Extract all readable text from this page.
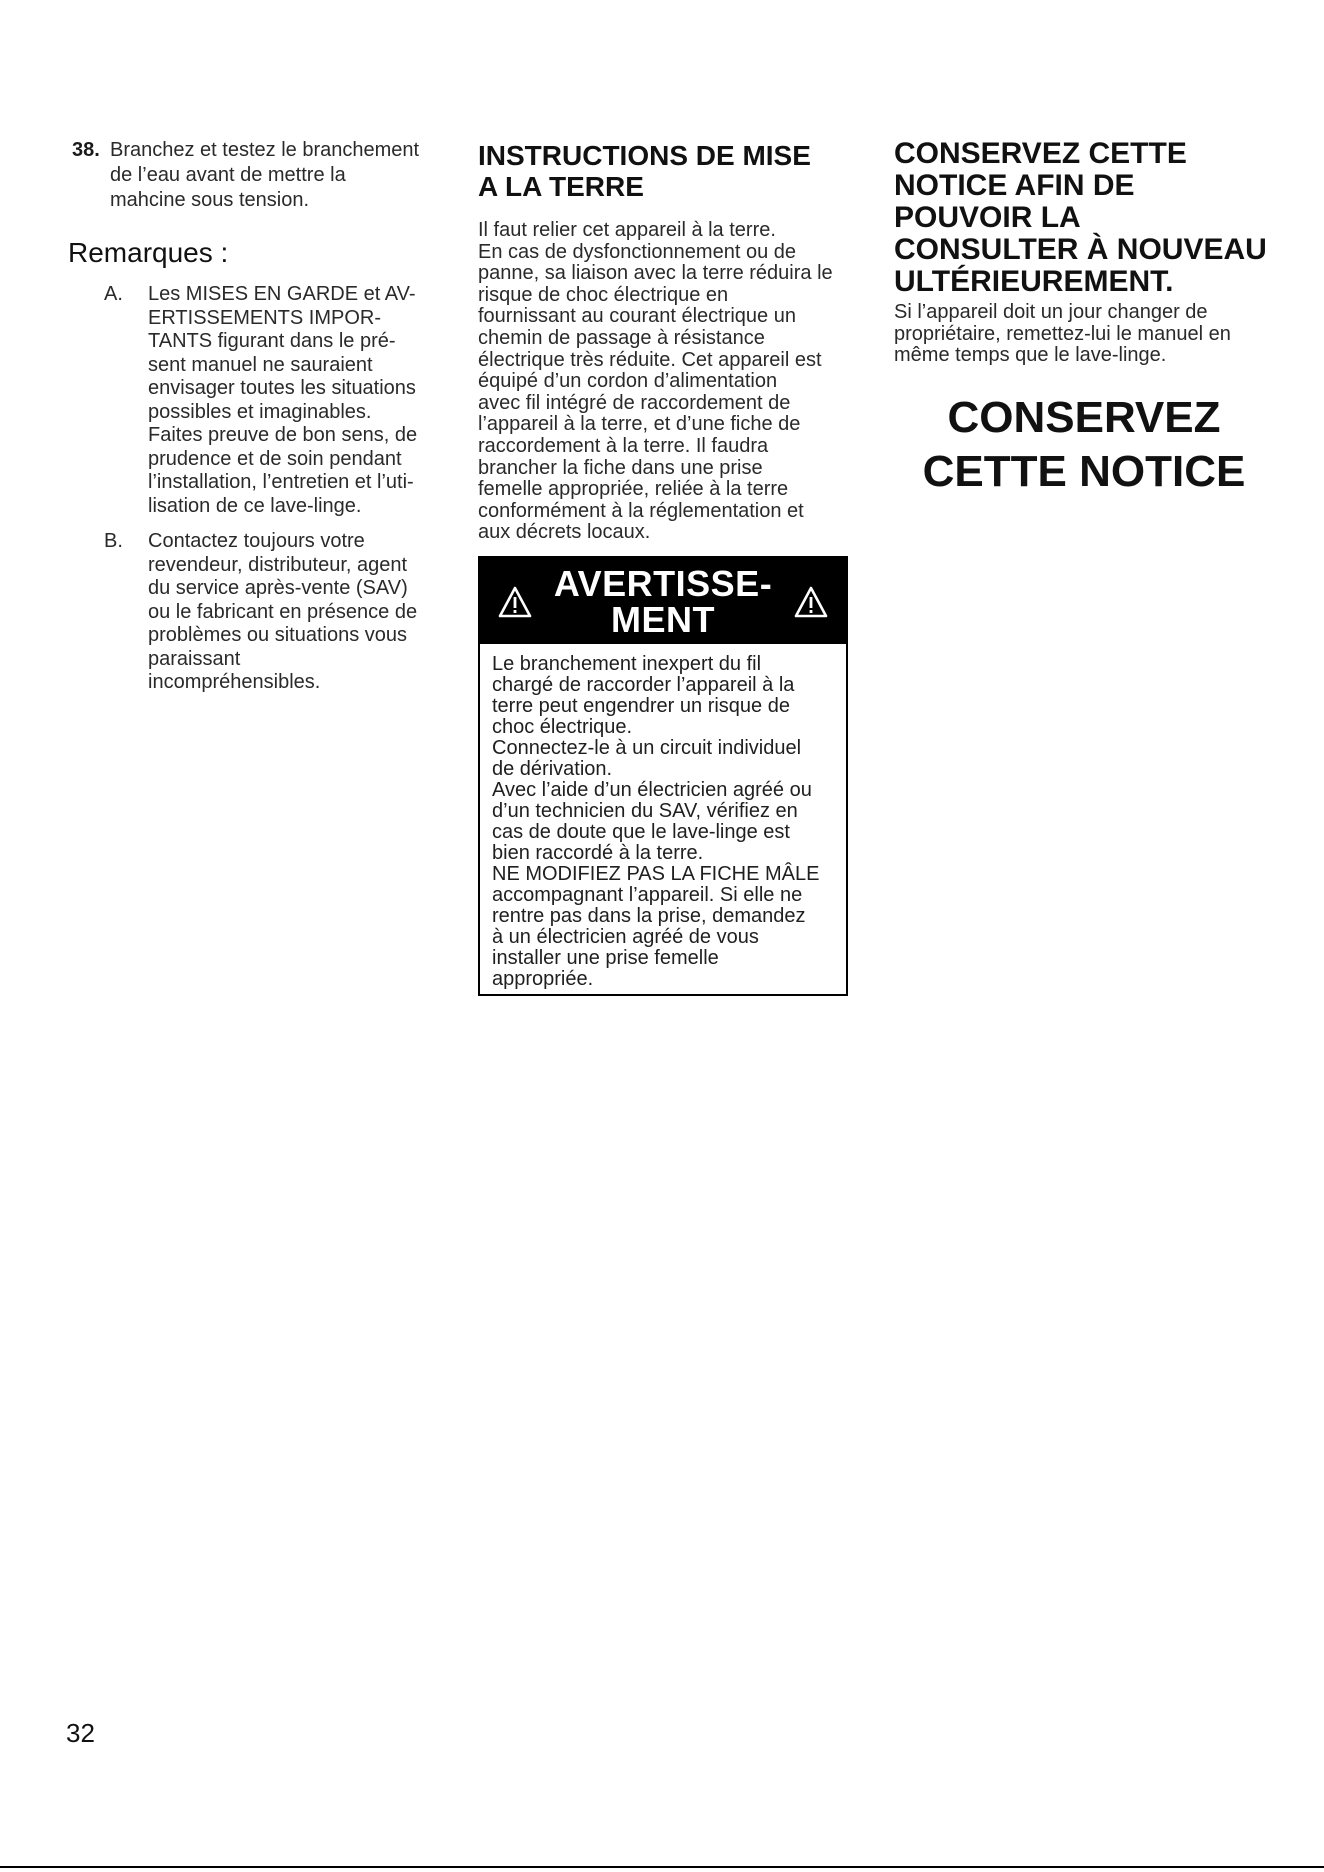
38. Branchez et testez le branchement
de l’eau avant de mettre la
mahcine sous tension.
Remarques :
A.	Les MISES EN GARDE et AV-
ERTISSEMENTS IMPOR-
TANTS figurant dans le pré-
sent manuel ne sauraient
envisager toutes les situations
possibles et imaginables.
Faites preuve de bon sens, de
prudence et de soin pendant
l’installation, l’entretien et l’uti-
lisation de ce lave-linge.
B.	Contactez toujours votre
revendeur, distributeur, agent
du service après-vente (SAV)
ou le fabricant en présence de
problèmes ou situations vous
paraissant
incompréhensibles.
INSTRUCTIONS DE MISE
A LA TERRE
Il faut relier cet appareil à la terre.
En cas de dysfonctionnement ou de
panne, sa liaison avec la terre réduira le
risque de choc électrique en
fournissant au courant électrique un
chemin de passage à résistance
électrique très réduite. Cet appareil est
équipé d’un cordon d’alimentation
avec fil intégré de raccordement de
l’appareil à la terre, et d’une fiche de
raccordement à la terre. Il faudra
brancher la fiche dans une prise
femelle appropriée, reliée à la terre
conformément à la réglementation et
aux décrets locaux.
AVERTISSE-
MENT
Le branchement inexpert du fil
chargé de raccorder l’appareil à la
terre peut engendrer un risque de
choc électrique.
Connectez-le à un circuit individuel
de dérivation.
Avec l’aide d’un électricien agréé ou
d’un technicien du SAV, vérifiez en
cas de doute que le lave-linge est
bien raccordé à la terre.
NE MODIFIEZ PAS LA FICHE MÂLE
accompagnant l’appareil. Si elle ne
rentre pas dans la prise, demandez
à un électricien agréé de vous
installer une prise femelle
appropriée.
CONSERVEZ CETTE
NOTICE AFIN DE
POUVOIR LA
CONSULTER À NOUVEAU
ULTÉRIEUREMENT.
Si l’appareil doit un jour changer de
propriétaire, remettez-lui le manuel en
même temps que le lave-linge.
CONSERVEZ
CETTE NOTICE
32
